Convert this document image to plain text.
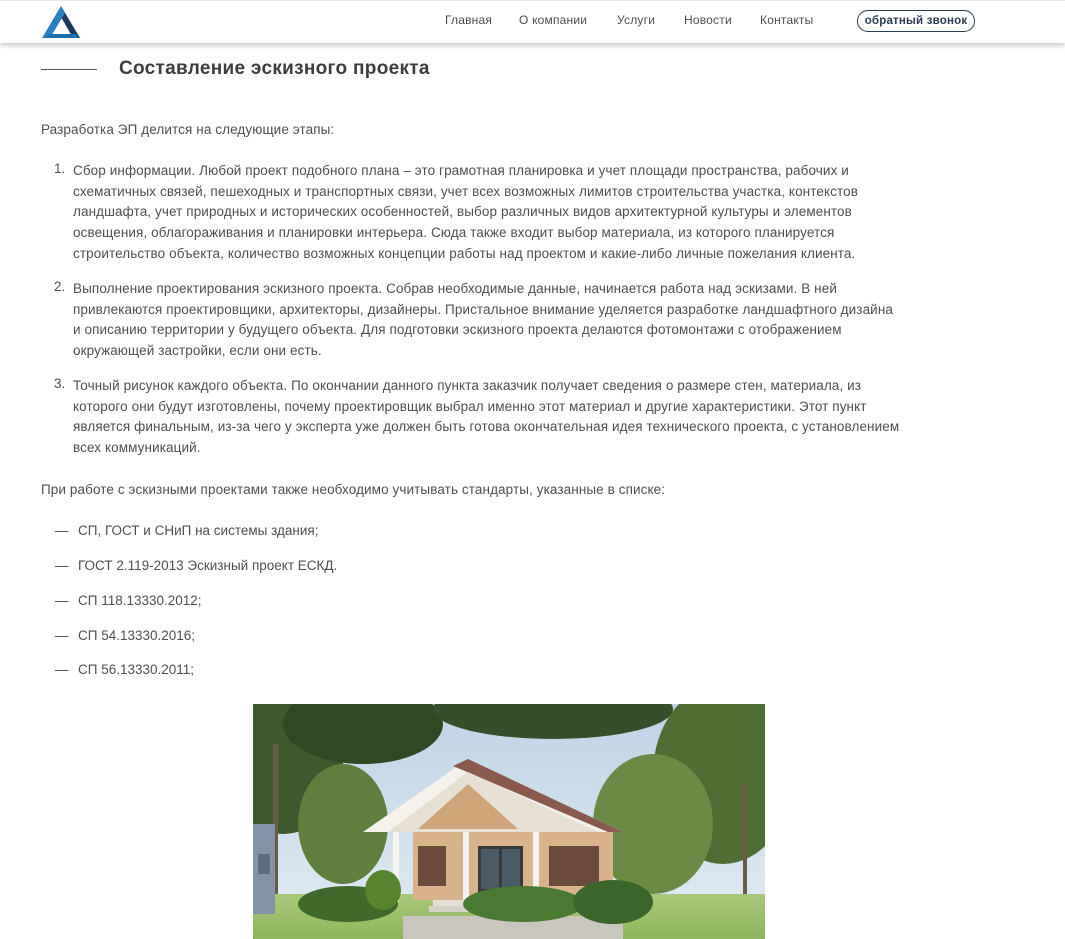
Главная О компании Услуги Новости Контакты	обратный звонок
Составление эскизного проекта
Разработка ЭП делится на следующие этапы:
1. Сбор информации. Любой проект подобного плана – это грамотная планировка и учет площади пространства, рабочих и
схематичных связей, пешеходных и транспортных связи, учет всех возможных лимитов строительства участка, контекстов
ландшафта, учет природных и исторических особенностей, выбор различных видов архитектурной культуры и элементов
освещения, облагораживания и планировки интерьера. Сюда также входит выбор материала, из которого планируется
строительство объекта, количество возможных концепции работы над проектом и какие-либо личные пожелания клиента.
2. Выполнение проектирования эскизного проекта. Собрав необходимые данные, начинается работа над эскизами. В ней
привлекаются проектировщики, архитекторы, дизайнеры. Пристальное внимание уделяется разработке ландшафтного дизайна
и описанию территории у будущего объекта. Для подготовки эскизного проекта делаются фотомонтажи с отображением
окружающей застройки, если они есть.
3. Точный рисунок каждого объекта. По окончании данного пункта заказчик получает сведения о размере стен, материала, из
которого они будут изготовлены, почему проектировщик выбрал именно этот материал и другие характеристики. Этот пункт
является финальным, из-за чего у эксперта уже должен быть готова окончательная идея технического проекта, с установлением
всех коммуникаций.
При работе с эскизными проектами также необходимо учитывать стандарты, указанные в списке:
— СП, ГОСТ и СНиП на системы здания;
— ГОСТ 2.119-2013 Эскизный проект ЕСКД.
— СП 118.13330.2012;
— СП 54.13330.2016;
— СП 56.13330.2011;
